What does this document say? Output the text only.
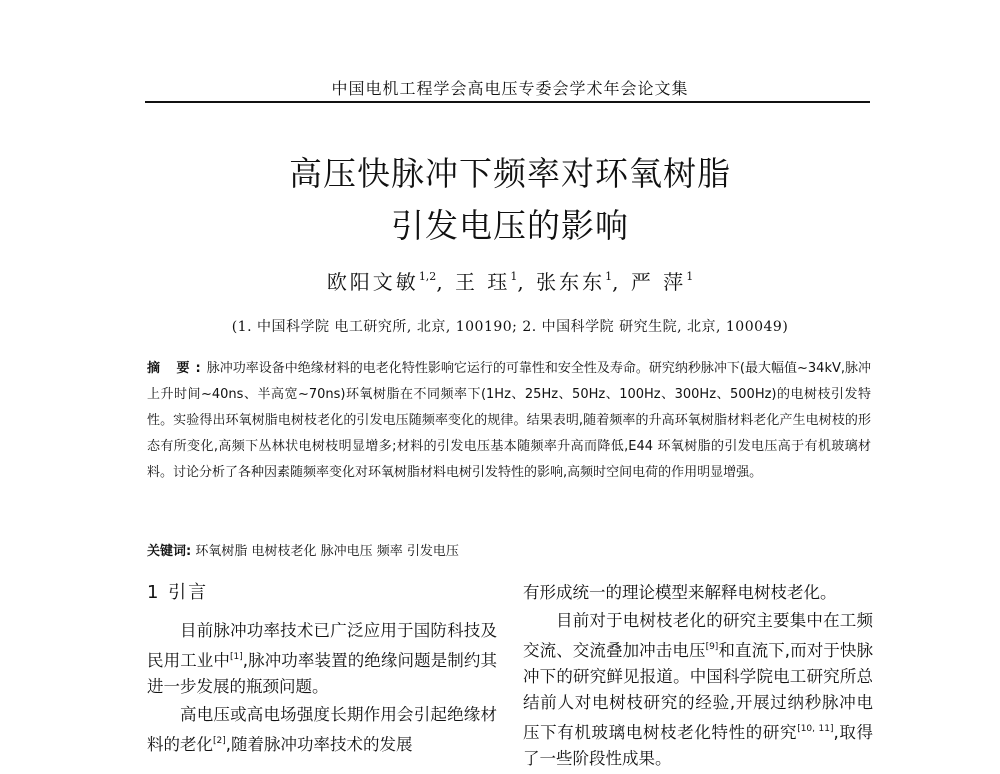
中国电机工程学会高电压专委会学术年会论文集
高压快脉冲下频率对环氧树脂
引发电压的影响
欧阳文敏$^{1,2}$, 王 珏$^1$, 张东东$^1$, 严 萍$^1$
(1. 中国科学院 电工研究所, 北京, 100190; 2. 中国科学院 研究生院, 北京, 100049)
摘 要:脉冲功率设备中绝缘材料的电老化特性影响它运行的可靠性和安全性及寿命。研究纳秒脉冲下(最大幅值~34kV,脉冲上升时间~40ns、半高宽~70ns)环氧树脂在不同频率下(1Hz、25Hz、50Hz、100Hz、300Hz、500Hz)的电树枝引发特性。实验得出环氧树脂电树枝老化的引发电压随频率变化的规律。结果表明,随着频率的升高环氧树脂材料老化产生电树枝的形态有所变化,高频下丛林状电树枝明显增多;材料的引发电压基本随频率升高而降低,E44 环氧树脂的引发电压高于有机玻璃材料。讨论分析了各种因素随频率变化对环氧树脂材料电树引发特性的影响,高频时空间电荷的作用明显增强。
关键词: 环氧树脂 电树枝老化 脉冲电压 频率 引发电压
1 引言

目前脉冲功率技术已广泛应用于国防科技及民用工业中[1],脉冲功率装置的绝缘问题是制约其进一步发展的瓶颈问题。

高电压或高电场强度长期作用会引起绝缘材料的老化[2],随着脉冲功率技术的发展

有形成统一的理论模型来解释电树枝老化。

目前对于电树枝老化的研究主要集中在工频交流、交流叠加冲击电压[9]和直流下,而对于快脉冲下的研究鲜见报道。中国科学院电工研究所总结前人对电树枝研究的经验,开展过纳秒脉冲电压下有机玻璃电树枝老化特性的研究[10, 11],取得了一些阶段性成果。
